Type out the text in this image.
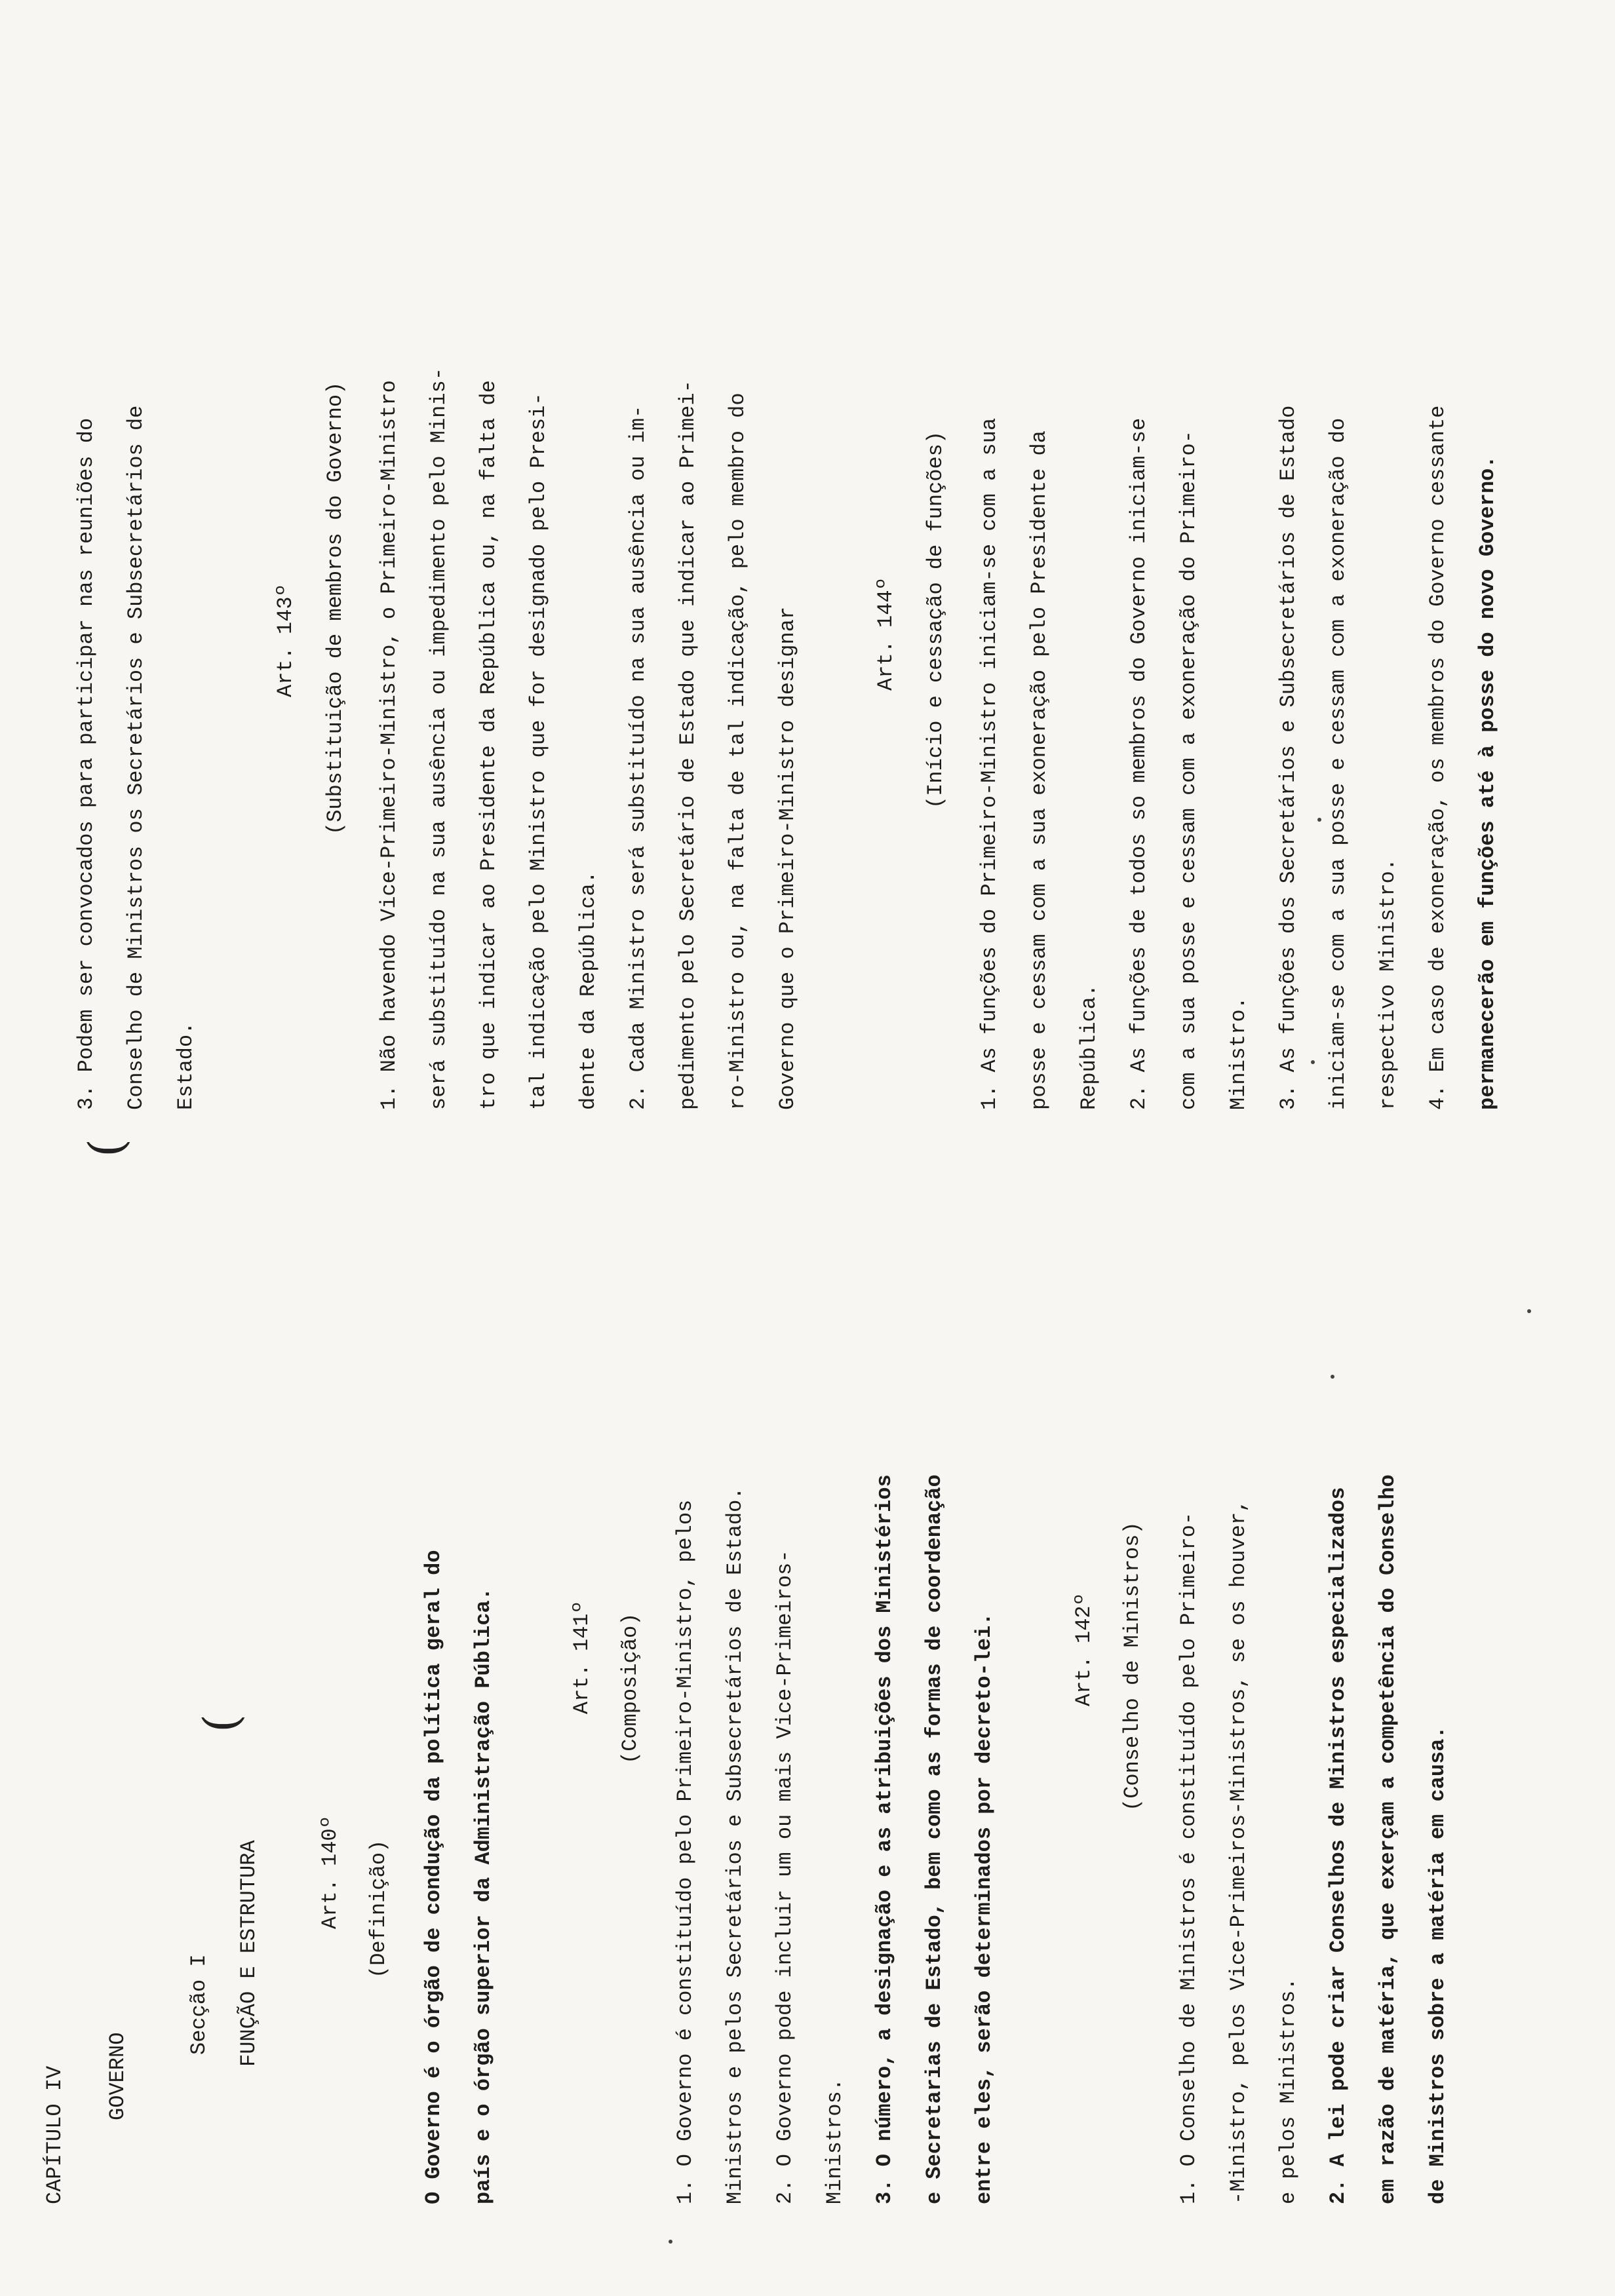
CAPÍTULO IV GOVERNO
Secção I FUNÇÃO E ESTRUTURA
(
Art. 140º (Definição) O Governo é o órgão de condução da política geral do país e o órgão superior da Administração Pública.	Art. 141º (Composição) 1. O Governo é constituído pelo Primeiro-Ministro, pelos Ministros e pelos Secretários e Subsecretários de Estado. 2. O Governo pode incluir um ou mais Vice-Primeiros- Ministros. 3. O número, a designação e as atribuições dos Ministérios e Secretarias de Estado, bem como as formas de coordenação entre eles, serão determinados por decreto-lei.	Art. 142º (Conselho de Ministros) 1. O Conselho de Ministros é constituído pelo Primeiro- -Ministro, pelos Vice-Primeiros-Ministros, se os houver, e pelos Ministros. 2. A lei pode criar Conselhos de Ministros especializados em razão de matéria, que exerçam a competência do Conselho de Ministros sobre a matéria em causa.
3. Podem ser convocados para participar nas reuniões do Conselho de Ministros os Secretários e Subsecretários de Estado.
(
Art. 143º (Substituição de membros do Governo) 1. Não havendo Vice-Primeiro-Ministro, o Primeiro-Ministro será substituído na sua ausência ou impedimento pelo Minis- tro que indicar ao Presidente da República ou, na falta de tal indicação pelo Ministro que for designado pelo Presi- dente da República. 2. Cada Ministro será substituído na sua ausência ou im- pedimento pelo Secretário de Estado que indicar ao Primei- ro-Ministro ou, na falta de tal indicação, pelo membro do Governo que o Primeiro-Ministro designar	Art. 144º (Início e cessação de funções) 1. As funções do Primeiro-Ministro iniciam-se com a sua posse e cessam com a sua exoneração pelo Presidente da República. 2. As funções de todos so membros do Governo iniciam-se com a sua posse e cessam com a exoneração do Primeiro- Ministro. 3. As funções dos Secretários e Subsecretários de Estado iniciam-se com a sua posse e cessam com a exoneração do respectivo Ministro. 4. Em caso de exoneração, os membros do Governo cessante permanecerão em funções até à posse do novo Governo.
